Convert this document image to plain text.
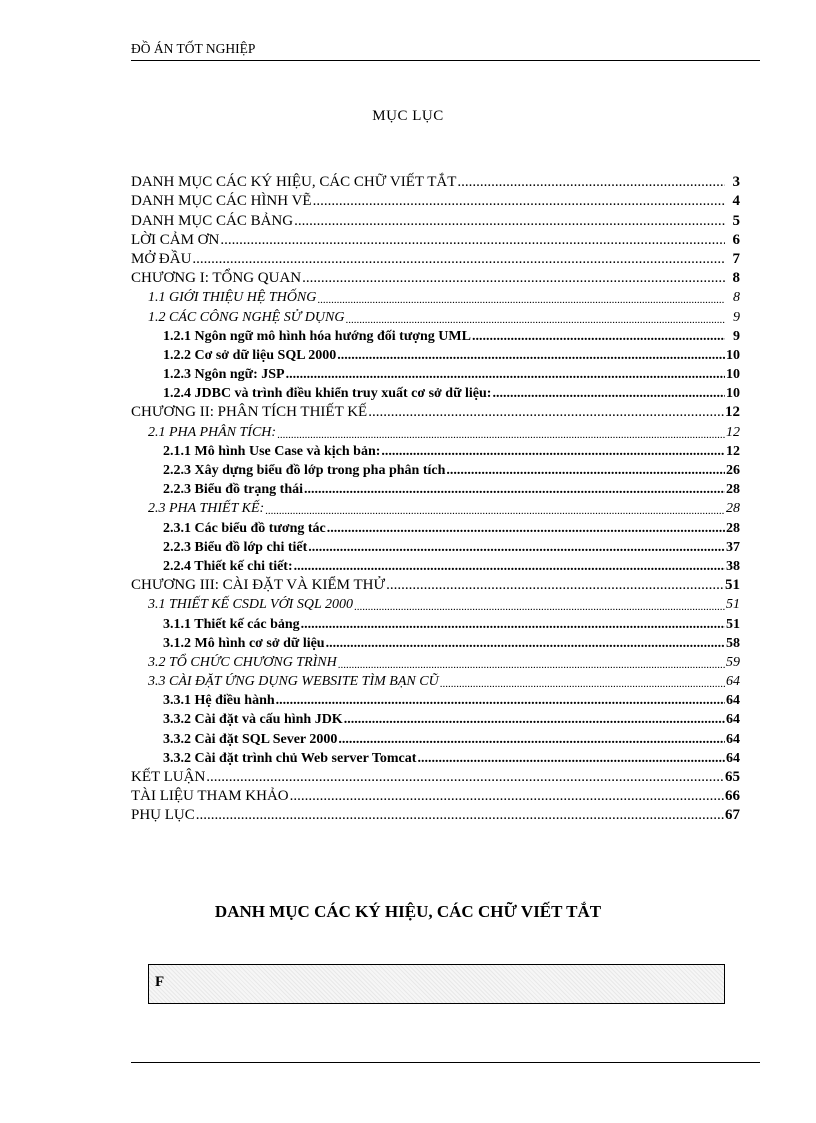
ĐỒ ÁN TỐT NGHIỆP
MỤC LỤC
DANH MỤC CÁC KÝ HIỆU, CÁC CHỮ VIẾT TẮT .....	3
DANH MỤC CÁC HÌNH VẼ .....	4
DANH MỤC CÁC BẢNG .....	5
LỜI CẢM ƠN .....	6
MỞ ĐẦU .....	7
CHƯƠNG I: TỔNG QUAN .....	8
1.1 GIỚI THIỆU HỆ THỐNG .....	8
1.2 CÁC CÔNG NGHỆ SỬ DỤNG .....	9
1.2.1 Ngôn ngữ mô hình hóa hướng đối tượng UML .....	9
1.2.2 Cơ sở dữ liệu SQL 2000 .....	10
1.2.3 Ngôn ngữ: JSP .....	10
1.2.4 JDBC và trình điều khiển truy xuất cơ sở dữ liệu: .....	10
CHƯƠNG II: PHÂN TÍCH THIẾT KẾ .....	12
2.1 PHA PHÂN TÍCH: .....	12
2.1.1 Mô hình Use Case và kịch bản: .....	12
2.2.3 Xây dựng biểu đồ lớp trong pha phân tích .....	26
2.2.3 Biểu đồ trạng thái .....	28
2.3 PHA THIẾT KẾ: .....	28
2.3.1 Các biểu đồ tương tác .....	28
2.2.3 Biểu đồ lớp chi tiết .....	37
2.2.4 Thiết kế chi tiết: .....	38
CHƯƠNG III: CÀI ĐẶT VÀ KIỂM THỬ .....	51
3.1 THIẾT KẾ CSDL VỚI SQL 2000 .....	51
3.1.1 Thiết kế các bảng .....	51
3.1.2 Mô hình cơ sở dữ liệu .....	58
3.2 TỔ CHỨC CHƯƠNG TRÌNH .....	59
3.3 CÀI ĐẶT ỨNG DỤNG WEBSITE TÌM BẠN CŨ .....	64
3.3.1 Hệ điều hành .....	64
3.3.2 Cài đặt và cấu hình JDK .....	64
3.3.2 Cài đặt SQL Sever 2000 .....	64
3.3.2 Cài đặt trình chủ Web server Tomcat .....	64
KẾT LUẬN .....	65
TÀI LIỆU THAM KHẢO .....	66
PHỤ LỤC .....	67
DANH MỤC CÁC KÝ HIỆU, CÁC CHỮ VIẾT TẮT
F
